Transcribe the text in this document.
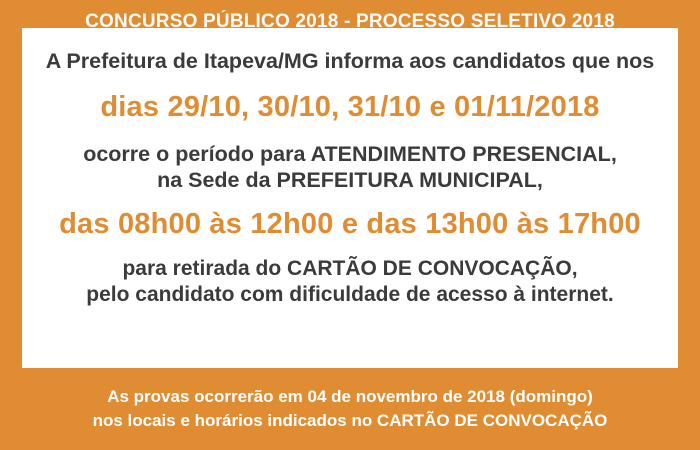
CONCURSO PÚBLICO 2018 - PROCESSO SELETIVO 2018
A Prefeitura de Itapeva/MG informa aos candidatos que nos
dias 29/10, 30/10, 31/10 e 01/11/2018
ocorre o período para ATENDIMENTO PRESENCIAL,
na Sede da PREFEITURA MUNICIPAL,
das 08h00 às 12h00 e das 13h00 às 17h00
para retirada do CARTÃO DE CONVOCAÇÃO,
pelo candidato com dificuldade de acesso à internet.
As provas ocorrerão em 04 de novembro de 2018 (domingo)
nos locais e horários indicados no CARTÃO DE CONVOCAÇÃO
